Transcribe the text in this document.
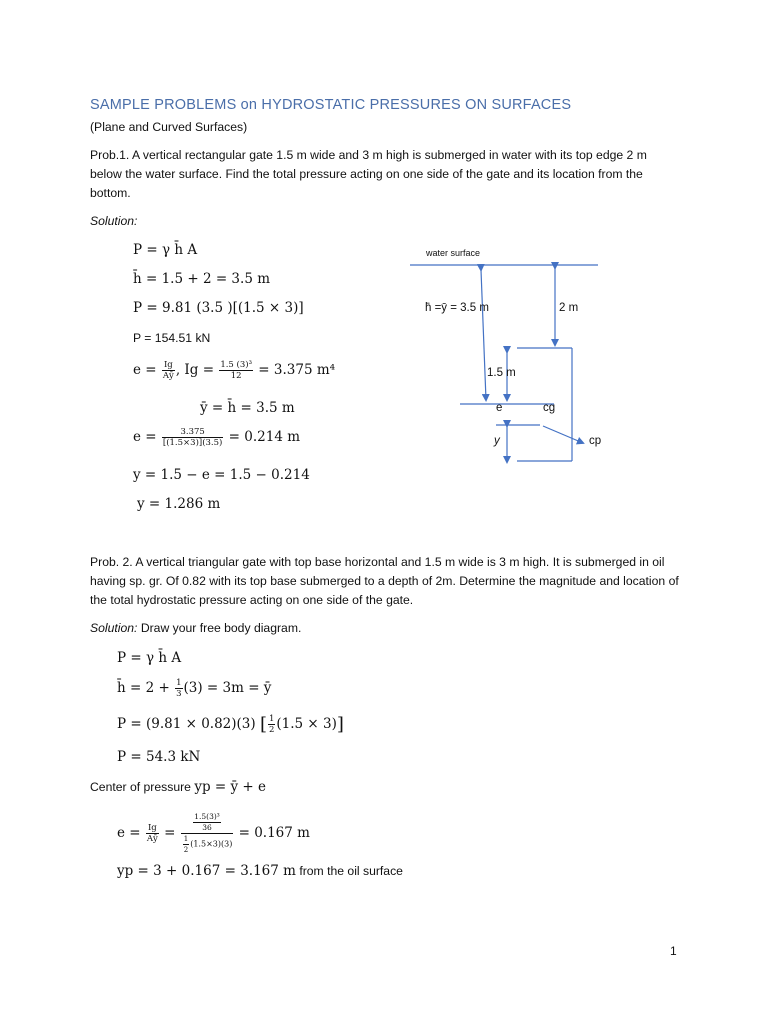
SAMPLE PROBLEMS on HYDROSTATIC PRESSURES ON SURFACES
(Plane and Curved Surfaces)
Prob.1. A vertical rectangular gate 1.5 m wide and 3 m high is submerged in water with its top edge 2 m below the water surface. Find the total pressure acting on one side of the gate and its location from the bottom.
Solution:
P = γ h̄ A
h̄ = 1.5 + 2 = 3.5 m
P = 9.81 (3.5 )[(1.5 × 3)]
P = 154.51 kN
$e = \frac{Ig}{Aȳ}$ , $Ig = \frac{\text{1.5 (3)³}}{12} = 3.375$ m⁴
ȳ = h̄ = 3.5 m
$e = \frac{3.375}{[(1.5\times 3)](3.5)} = 0.214$ m
y = 1.5 − e = 1.5 − 0.214
y = 1.286 m
water surface
h̄ =ȳ = 3.5 m	2 m
1.5 m
e	cg
y	cp
Prob. 2. A vertical triangular gate with top base horizontal and 1.5 m wide is 3 m high. It is submerged in oil having sp. gr. Of 0.82 with its top base submerged to a depth of 2m. Determine the magnitude and location of the total hydrostatic pressure acting on one side of the gate.
Solution: Draw your free body diagram.
P = γ h̄ A
h̄ = $2 + \frac{1}{3} (3) = 3m$ = ȳ
P = (9.81 × 0.82)(3) [ $\frac{1}{2} (1.5 \times 3)$]
P = 54.3 kN
Center of pressure yp = ȳ + e
$e = \frac{Ig}{Aȳ} = \frac{\frac{\text{1.5(3)³}}{36}}{\frac{1}{2} (1.5\times 3)(3)} = 0.167$ m
yp = 3 + 0.167 = 3.167 m from the oil surface
1
